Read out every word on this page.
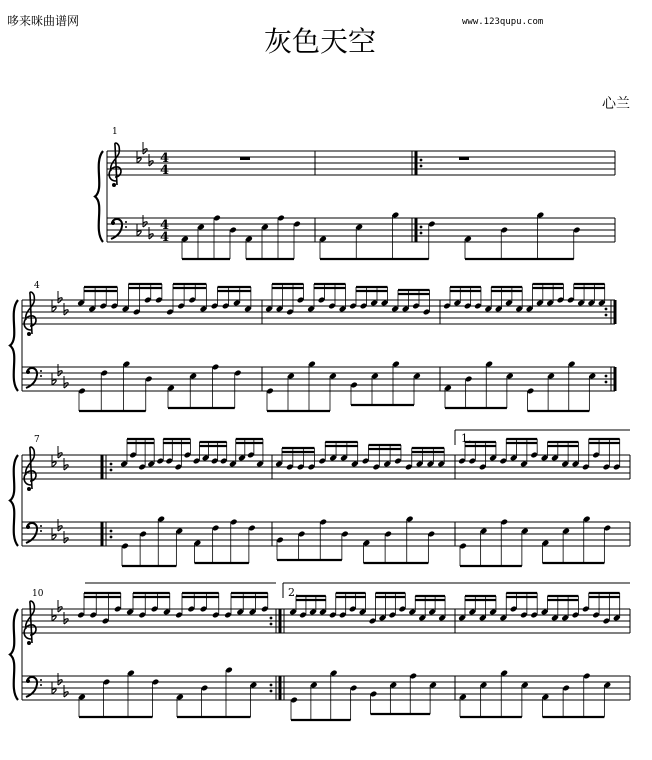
哆来咪曲谱网	www.123qupu.com
灰色天空
心兰
1
4
7
10
1.
2.
4
4
4
4
